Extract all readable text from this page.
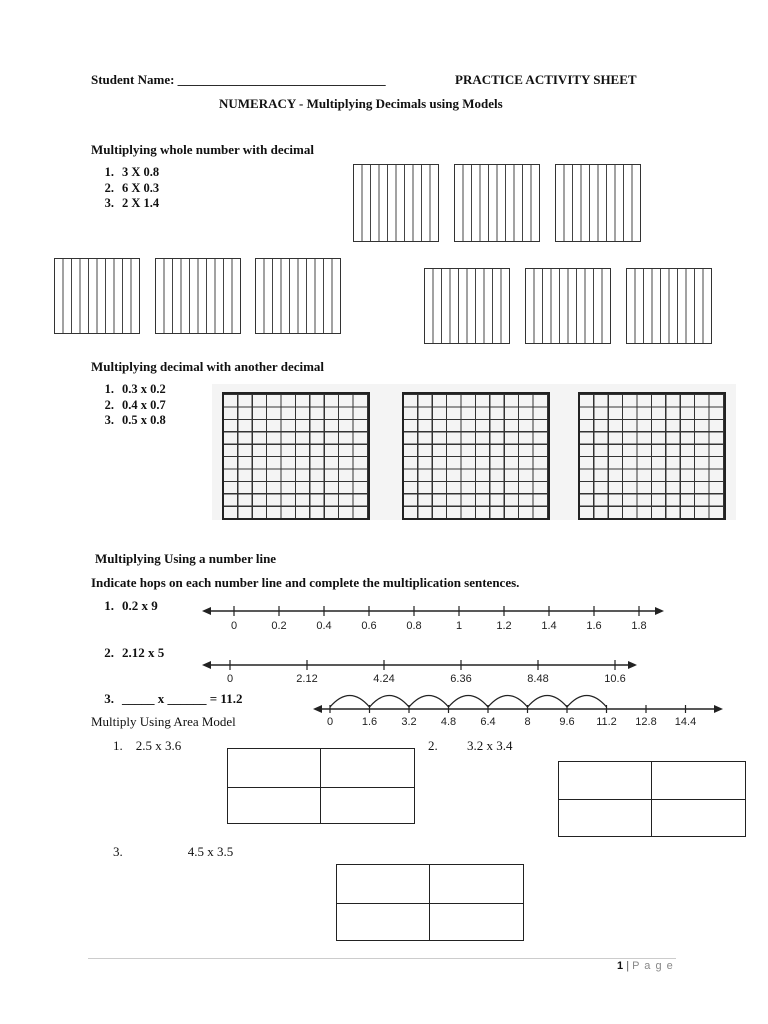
Student Name: ________________________________	PRACTICE ACTIVITY SHEET
NUMERACY - Multiplying Decimals using Models
Multiplying whole number with decimal
1. 3 X 0.8
2. 6 X 0.3
3. 2 X 1.4
Multiplying decimal with another decimal
1. 0.3 x 0.2
2. 0.4 x 0.7
3. 0.5 x 0.8
Multiplying Using a number line
Indicate hops on each number line and complete the multiplication sentences.
1. 0.2 x 9
0	0.2	0.4	0.6	0.8	1	1.2	1.4	1.6	1.8
2. 2.12 x 5
0	2.12	4.24	6.36	8.48	10.6
3. _____ x ______ = 11.2
0	1.6 3.2 4.8 6.4	8	9.6 11.2 12.8 14.4
Multiply Using Area Model
1. 2.5 x 3.6	2. 3.2 x 3.4
3.	4.5 x 3.5
1 | P a g e
